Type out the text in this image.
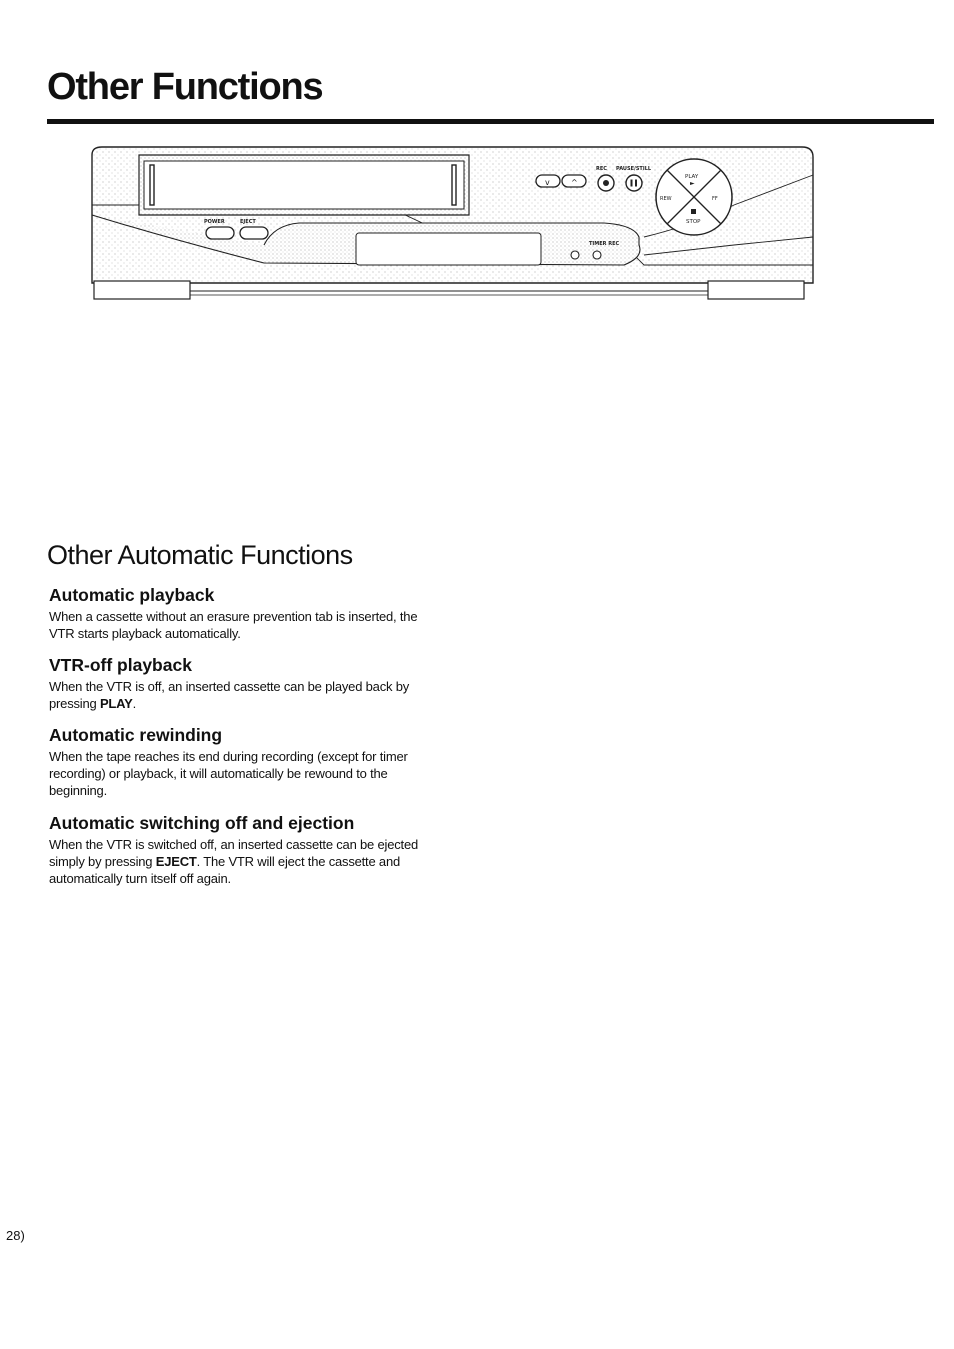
Other Functions
v	^
REC PAUSE/STILL
PLAY
►
REW	FF
STOP
POWER	EJECT
TIMER REC
Other Automatic Functions
Automatic playback

When a cassette without an erasure prevention tab is inserted, the VTR starts playback automatically.

VTR-off playback

When the VTR is off, an inserted cassette can be played back by pressing PLAY.

Automatic rewinding

When the tape reaches its end during recording (except for timer recording) or playback, it will automatically be rewound to the beginning.

Automatic switching off and ejection

When the VTR is switched off, an inserted cassette can be ejected simply by pressing EJECT. The VTR will eject the cassette and automatically turn itself off again.

28)
